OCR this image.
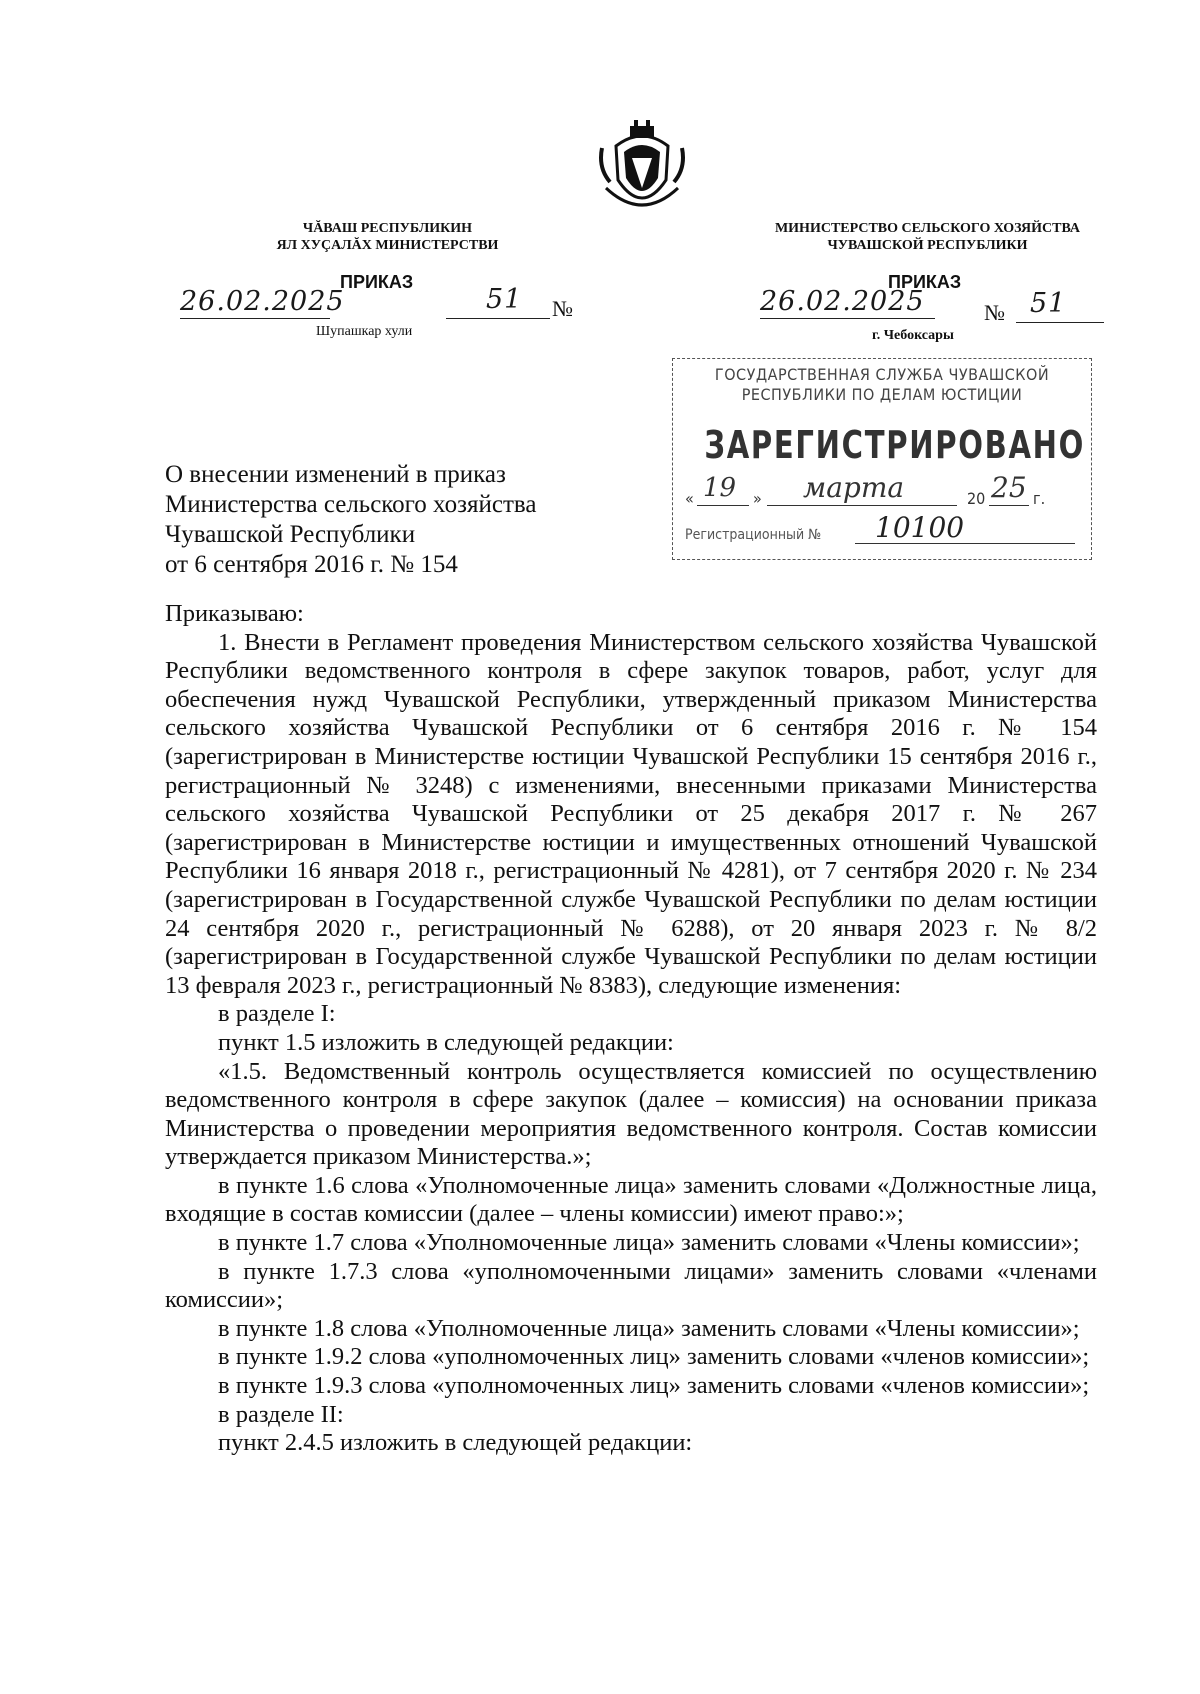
ЧĂВАШ РЕСПУБЛИКИН
ЯЛ ХУÇАЛĂХ МИНИСТЕРСТВИ
ПРИКАЗ
26.02.2025	51 №
Шупашкар хули
МИНИСТЕРСТВО СЕЛЬСКОГО ХОЗЯЙСТВА
ЧУВАШСКОЙ РЕСПУБЛИКИ
ПРИКАЗ
26.02.2025	№ 51
г. Чебоксары
ГОСУДАРСТВЕННАЯ СЛУЖБА ЧУВАШСКОЙ
РЕСПУБЛИКИ ПО ДЕЛАМ ЮСТИЦИИ
ЗАРЕГИСТРИРОВАНО
« 19 » марта	20 25 г.
Регистрационный № 10100
О внесении изменений в приказ
Министерства сельского хозяйства
Чувашской Республики
от 6 сентября 2016 г. № 154

Приказываю:

1. Внести в Регламент проведения Министерством сельского хозяйства Чувашской Республики ведомственного контроля в сфере закупок товаров, работ, услуг для обеспечения нужд Чувашской Республики, утвержденный приказом Министерства сельского хозяйства Чувашской Республики от 6 сентября 2016 г. № 154 (зарегистрирован в Министерстве юстиции Чувашской Республики 15 сентября 2016 г., регистрационный № 3248) с изменениями, внесенными приказами Министерства сельского хозяйства Чувашской Республики от 25 декабря 2017 г. № 267 (зарегистрирован в Министерстве юстиции и имущественных отношений Чувашской Республики 16 января 2018 г., регистрационный № 4281), от 7 сентября 2020 г. № 234 (зарегистрирован в Государственной службе Чувашской Республики по делам юстиции 24 сентября 2020 г., регистрационный № 6288), от 20 января 2023 г. № 8/2 (зарегистрирован в Государственной службе Чувашской Республики по делам юстиции 13 февраля 2023 г., регистрационный № 8383), следующие изменения:

в разделе I:

пункт 1.5 изложить в следующей редакции:

«1.5. Ведомственный контроль осуществляется комиссией по осуществлению ведомственного контроля в сфере закупок (далее – комиссия) на основании приказа Министерства о проведении мероприятия ведомственного контроля. Состав комиссии утверждается приказом Министерства.»;

в пункте 1.6 слова «Уполномоченные лица» заменить словами «Должностные лица, входящие в состав комиссии (далее – члены комиссии) имеют право:»;

в пункте 1.7 слова «Уполномоченные лица» заменить словами «Члены комиссии»;

в пункте 1.7.3 слова «уполномоченными лицами» заменить словами «членами комиссии»;

в пункте 1.8 слова «Уполномоченные лица» заменить словами «Члены комиссии»;

в пункте 1.9.2 слова «уполномоченных лиц» заменить словами «членов комиссии»;

в пункте 1.9.3 слова «уполномоченных лиц» заменить словами «членов комиссии»;

в разделе II:

пункт 2.4.5 изложить в следующей редакции:
